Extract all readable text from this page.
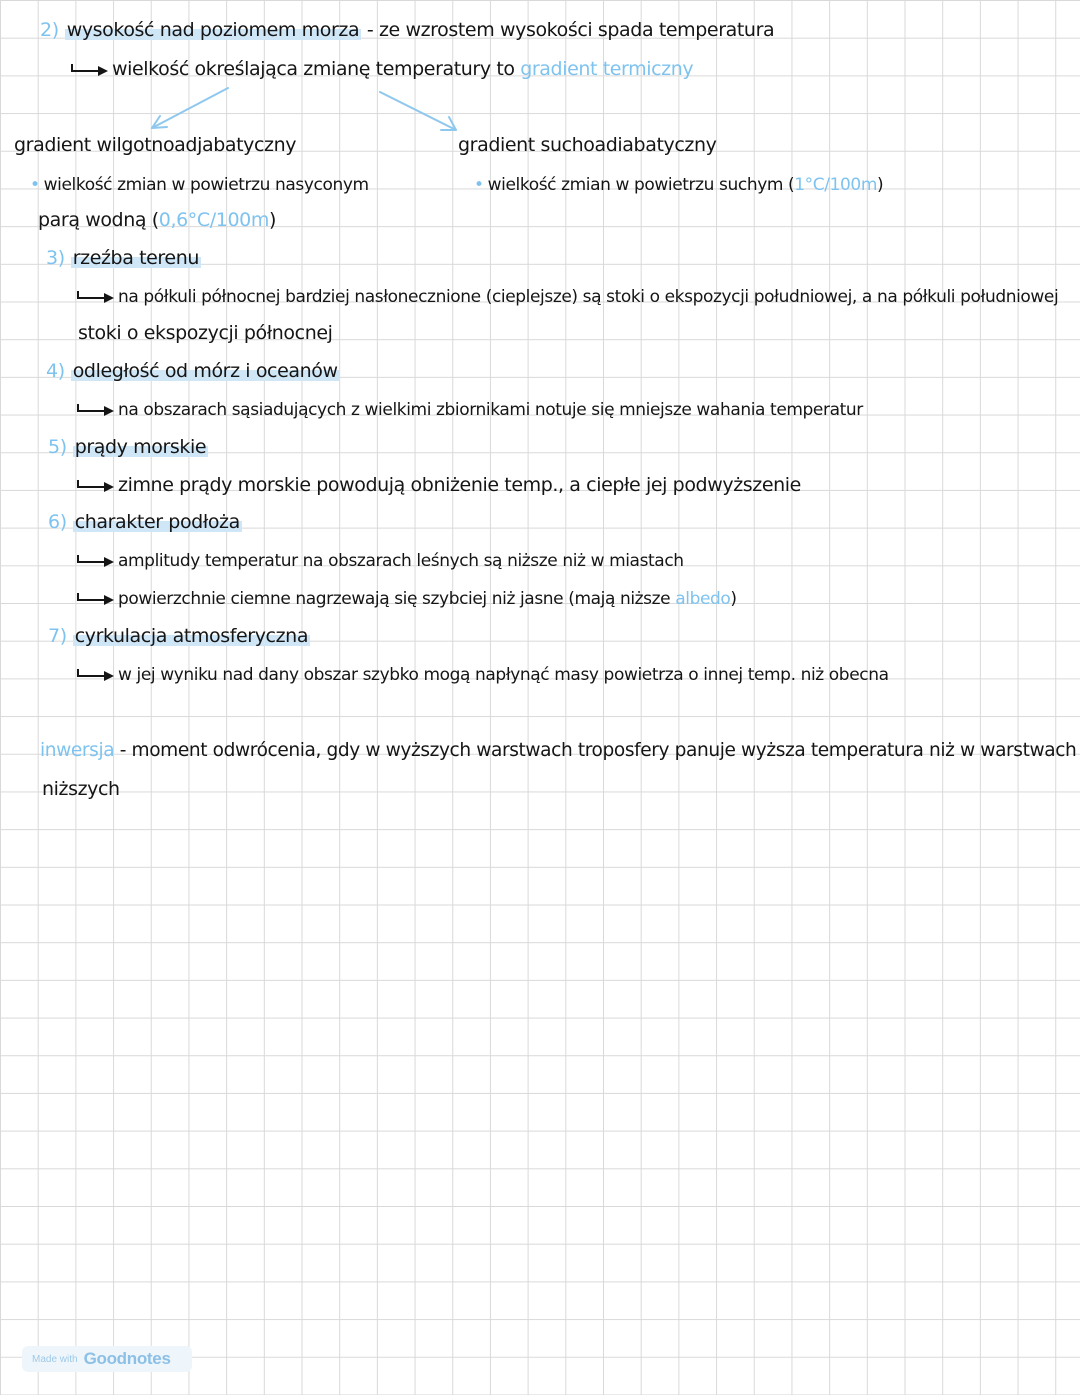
2) wysokość nad poziomem morza - ze wzrostem wysokości spada temperatura
wielkość określająca zmianę temperatury to gradient termiczny
gradient wilgotnoadjabatyczny
• wielkość zmian w powietrzu nasyconym
parą wodną (0,6°C/100m)
gradient suchoadiabatyczny
• wielkość zmian w powietrzu suchym (1°C/100m)
3) rzeźba terenu
na półkuli północnej bardziej nasłonecznione (cieplejsze) są stoki o ekspozycji południowej, a na półkuli południowej
stoki o ekspozycji północnej
4) odległość od mórz i oceanów
na obszarach sąsiadujących z wielkimi zbiornikami notuje się mniejsze wahania temperatur
5) prądy morskie
zimne prądy morskie powodują obniżenie temp., a ciepłe jej podwyższenie
6) charakter podłoża
amplitudy temperatur na obszarach leśnych są niższe niż w miastach
powierzchnie ciemne nagrzewają się szybciej niż jasne (mają niższe albedo)
7) cyrkulacja atmosferyczna
w jej wyniku nad dany obszar szybko mogą napłynąć masy powietrza o innej temp. niż obecna
inwersja - moment odwrócenia, gdy w wyższych warstwach troposfery panuje wyższa temperatura niż w warstwach
niższych
Made with Goodnotes
